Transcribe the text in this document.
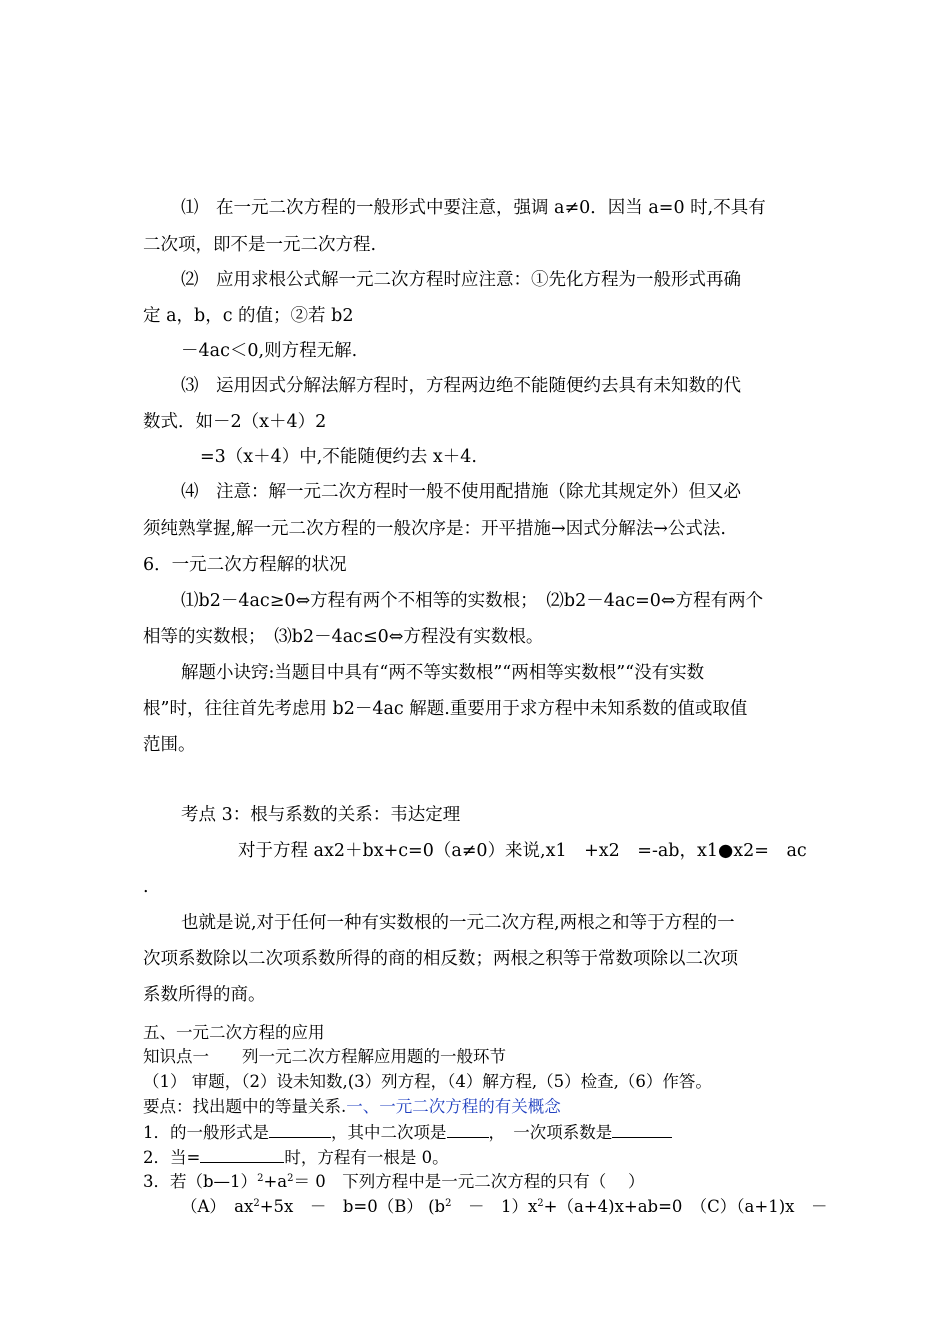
⑴　在一元二次方程的一般形式中要注意，强调 a≠0．因当 a=0 时,不具有
二次项，即不是一元二次方程.
⑵　应用求根公式解一元二次方程时应注意：①先化方程为一般形式再确
定 a，b，c 的值；②若 b2
－4ac＜0,则方程无解.
⑶　运用因式分解法解方程时，方程两边绝不能随便约去具有未知数的代
数式．如－2（x＋4）2
=3（x＋4）中,不能随便约去 x＋4.
⑷　注意：解一元二次方程时一般不使用配措施（除尤其规定外）但又必
须纯熟掌握,解一元二次方程的一般次序是：开平措施→因式分解法→公式法.
6．一元二次方程解的状况
⑴b2－4ac≥0⇔方程有两个不相等的实数根；　⑵b2－4ac=0⇔方程有两个
相等的实数根；　⑶b2－4ac≤0⇔方程没有实数根。
解题小诀窍:当题目中具有“两不等实数根”“两相等实数根”“没有实数
根”时，往往首先考虑用 b2－4ac 解题.重要用于求方程中未知系数的值或取值
范围。
考点 3：根与系数的关系：韦达定理
对于方程 ax2＋bx+c=0（a≠0）来说,x1　+x2　=-ab，x1●x2=　ac
.
也就是说,对于任何一种有实数根的一元二次方程,两根之和等于方程的一
次项系数除以二次项系数所得的商的相反数；两根之积等于常数项除以二次项
系数所得的商。
五、一元二次方程的应用
知识点一　　列一元二次方程解应用题的一般环节
（1） 审题，（2）设未知数,(3）列方程，（4）解方程,（5）检查,（6）作答。
要点：找出题中的等量关系.一、一元二次方程的有关概念
1．的一般形式是	，其中二次项是	，　一次项系数是
2．当=	时，方程有一根是 0。
3．若$(b—1)^2+a^2= 0$　下列方程中是一元二次方程的只有（　 ）
（A）　$ax^2+5x$　－　b=0（B） ($b^2$　－　$1)x^2+(a+4)x+ab=0$　（C）（a+1)x　－
